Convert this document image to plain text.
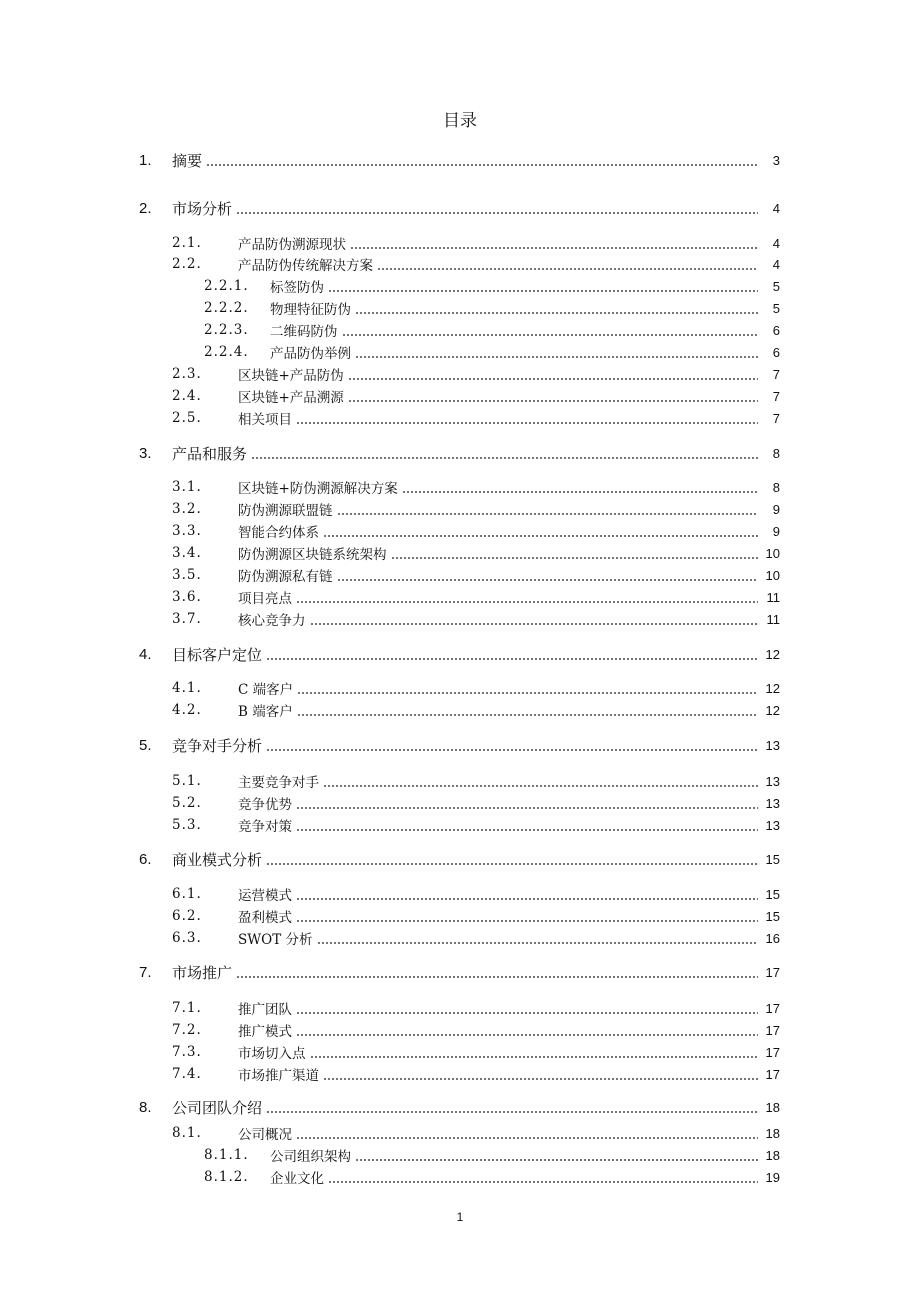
目录
1. 摘要	3
2. 市场分析	4
2.1.	产品防伪溯源现状	4
2.2.	产品防伪传统解决方案	4
2.2.1. 标签防伪	5
2.2.2. 物理特征防伪	5
2.2.3. 二维码防伪	6
2.2.4. 产品防伪举例	6
2.3.	区块链+产品防伪	7
2.4.	区块链+产品溯源	7
2.5.	相关项目	7
3. 产品和服务	8
3.1.	区块链+防伪溯源解决方案	8
3.2.	防伪溯源联盟链	9
3.3.	智能合约体系	9
3.4.	防伪溯源区块链系统架构	10
3.5.	防伪溯源私有链	10
3.6.	项目亮点	11
3.7.	核心竞争力	11
4. 目标客户定位	12
4.1.	C 端客户	12
4.2.	B 端客户	12
5. 竞争对手分析	13
5.1.	主要竞争对手	13
5.2.	竞争优势	13
5.3.	竞争对策	13
6. 商业模式分析	15
6.1.	运营模式	15
6.2.	盈利模式	15
6.3.	SWOT 分析	16
7. 市场推广	17
7.1.	推广团队	17
7.2.	推广模式	17
7.3.	市场切入点	17
7.4.	市场推广渠道	17
8. 公司团队介绍	18
8.1.	公司概况	18
8.1.1. 公司组织架构	18
8.1.2. 企业文化	19
1
